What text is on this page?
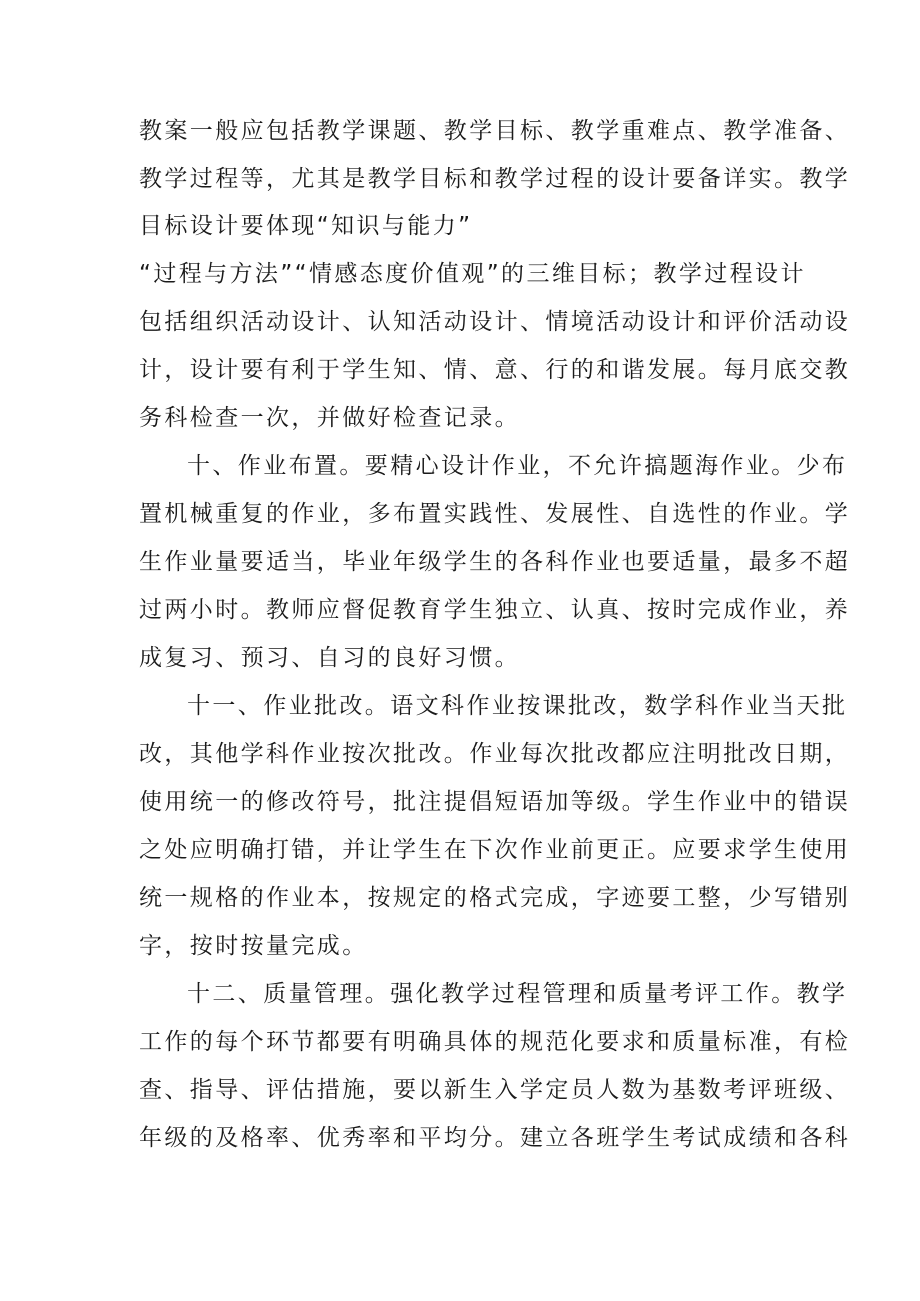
教案一般应包括教学课题、教学目标、教学重难点、教学准备、

教学过程等，尤其是教学目标和教学过程的设计要备详实。教学

目标设计要体现“知识与能力”

“过程与方法”“情感态度价值观”的三维目标；教学过程设计

包括组织活动设计、认知活动设计、情境活动设计和评价活动设

计，设计要有利于学生知、情、意、行的和谐发展。每月底交教

务科检查一次，并做好检查记录。

十、作业布置。要精心设计作业，不允许搞题海作业。少布

置机械重复的作业，多布置实践性、发展性、自选性的作业。学

生作业量要适当，毕业年级学生的各科作业也要适量，最多不超

过两小时。教师应督促教育学生独立、认真、按时完成作业，养

成复习、预习、自习的良好习惯。

十一、作业批改。语文科作业按课批改，数学科作业当天批

改，其他学科作业按次批改。作业每次批改都应注明批改日期，

使用统一的修改符号，批注提倡短语加等级。学生作业中的错误

之处应明确打错，并让学生在下次作业前更正。应要求学生使用

统一规格的作业本，按规定的格式完成，字迹要工整，少写错别

字，按时按量完成。

十二、质量管理。强化教学过程管理和质量考评工作。教学

工作的每个环节都要有明确具体的规范化要求和质量标准，有检

查、指导、评估措施，要以新生入学定员人数为基数考评班级、

年级的及格率、优秀率和平均分。建立各班学生考试成绩和各科
